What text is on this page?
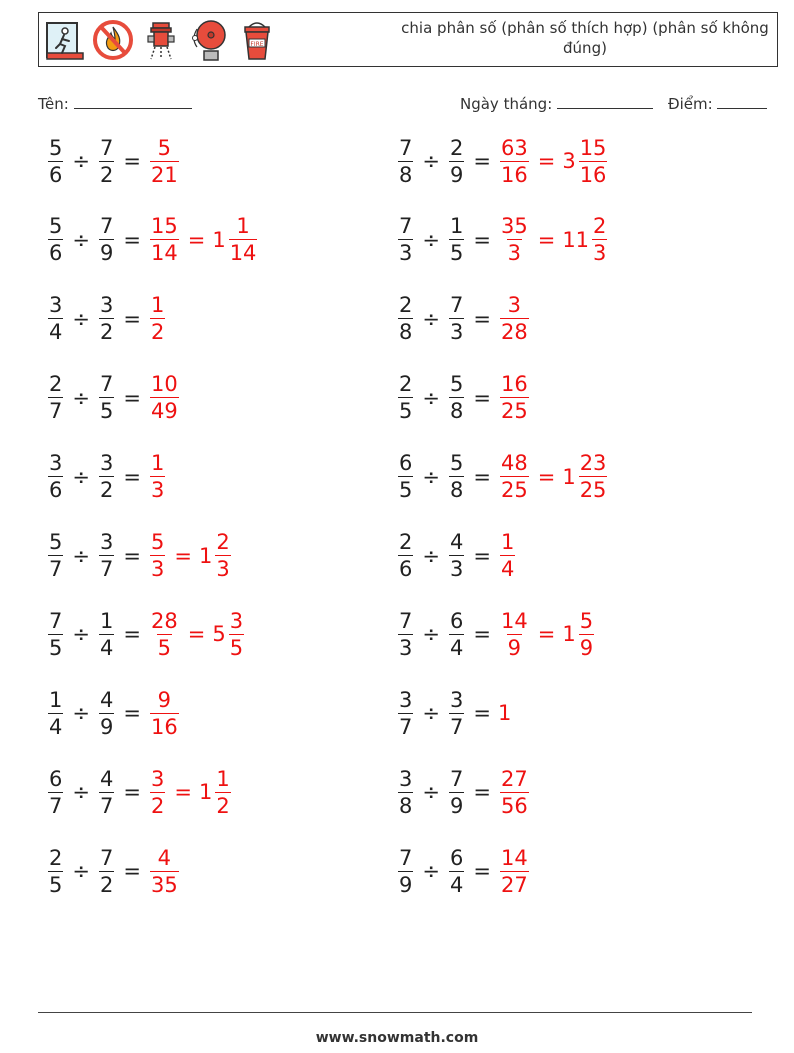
FIRE
chia phân số (phân số thích hợp) (phân số không đúng)
Tên:	Ngày tháng:	Điểm:
$\frac{5}{6} \div \frac{7}{2} = \frac{5}{21}$
$\frac{5}{6} \div \frac{7}{9} = \frac{15}{14} = 1 \frac{1}{14}$
$\frac{3}{4} \div \frac{3}{2} = \frac{1}{2}$
$\frac{2}{7} \div \frac{7}{5} = \frac{10}{49}$
$\frac{3}{6} \div \frac{3}{2} = \frac{1}{3}$
$\frac{5}{7} \div \frac{3}{7} = \frac{5}{3} = 1 \frac{2}{3}$
$\frac{7}{5} \div \frac{1}{4} = \frac{28}{5} = 5 \frac{3}{5}$
$\frac{1}{4} \div \frac{4}{9} = \frac{9}{16}$
$\frac{6}{7} \div \frac{4}{7} = \frac{3}{2} = 1 \frac{1}{2}$
$\frac{2}{5} \div \frac{7}{2} = \frac{4}{35}$
$\frac{7}{8} \div \frac{2}{9} = \frac{63}{16} = 3 \frac{15}{16}$
$\frac{7}{3} \div \frac{1}{5} = \frac{35}{3} = 11 \frac{2}{3}$
$\frac{2}{8} \div \frac{7}{3} = \frac{3}{28}$
$\frac{2}{5} \div \frac{5}{8} = \frac{16}{25}$
$\frac{6}{5} \div \frac{5}{8} = \frac{48}{25} = 1 \frac{23}{25}$
$\frac{2}{6} \div \frac{4}{3} = \frac{1}{4}$
$\frac{7}{3} \div \frac{6}{4} = \frac{14}{9} = 1 \frac{5}{9}$
$\frac{3}{7} \div \frac{3}{7} = 1$
$\frac{3}{8} \div \frac{7}{9} = \frac{27}{56}$
$\frac{7}{9} \div \frac{6}{4} = \frac{14}{27}$
www.snowmath.com
